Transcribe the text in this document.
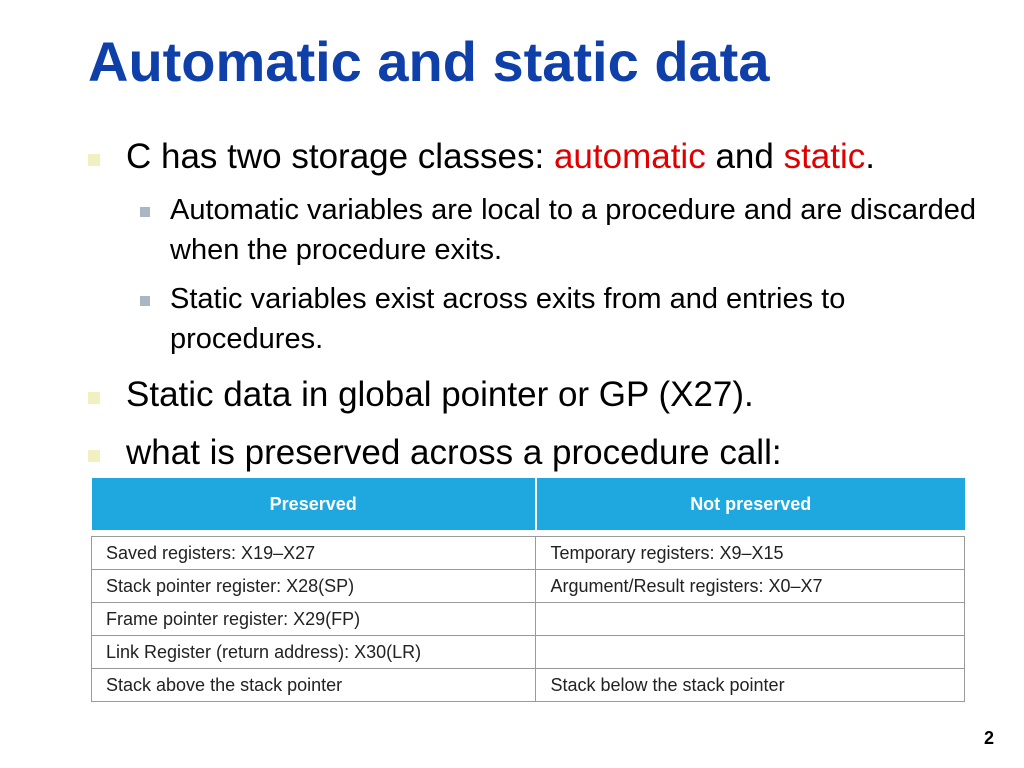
Automatic and static data
C has two storage classes: automatic and static.
Automatic variables are local to a procedure and are discarded when the procedure exits.
Static variables exist across exits from and entries to procedures.
Static data in global pointer or GP (X27).
what is preserved across a procedure call:
Preserved	Not preserved

Saved registers: X19–X27	Temporary registers: X9–X15
Stack pointer register: X28(SP)	Argument/Result registers: X0–X7
Frame pointer register: X29(FP)	
Link Register (return address): X30(LR)	
Stack above the stack pointer	Stack below the stack pointer
2
